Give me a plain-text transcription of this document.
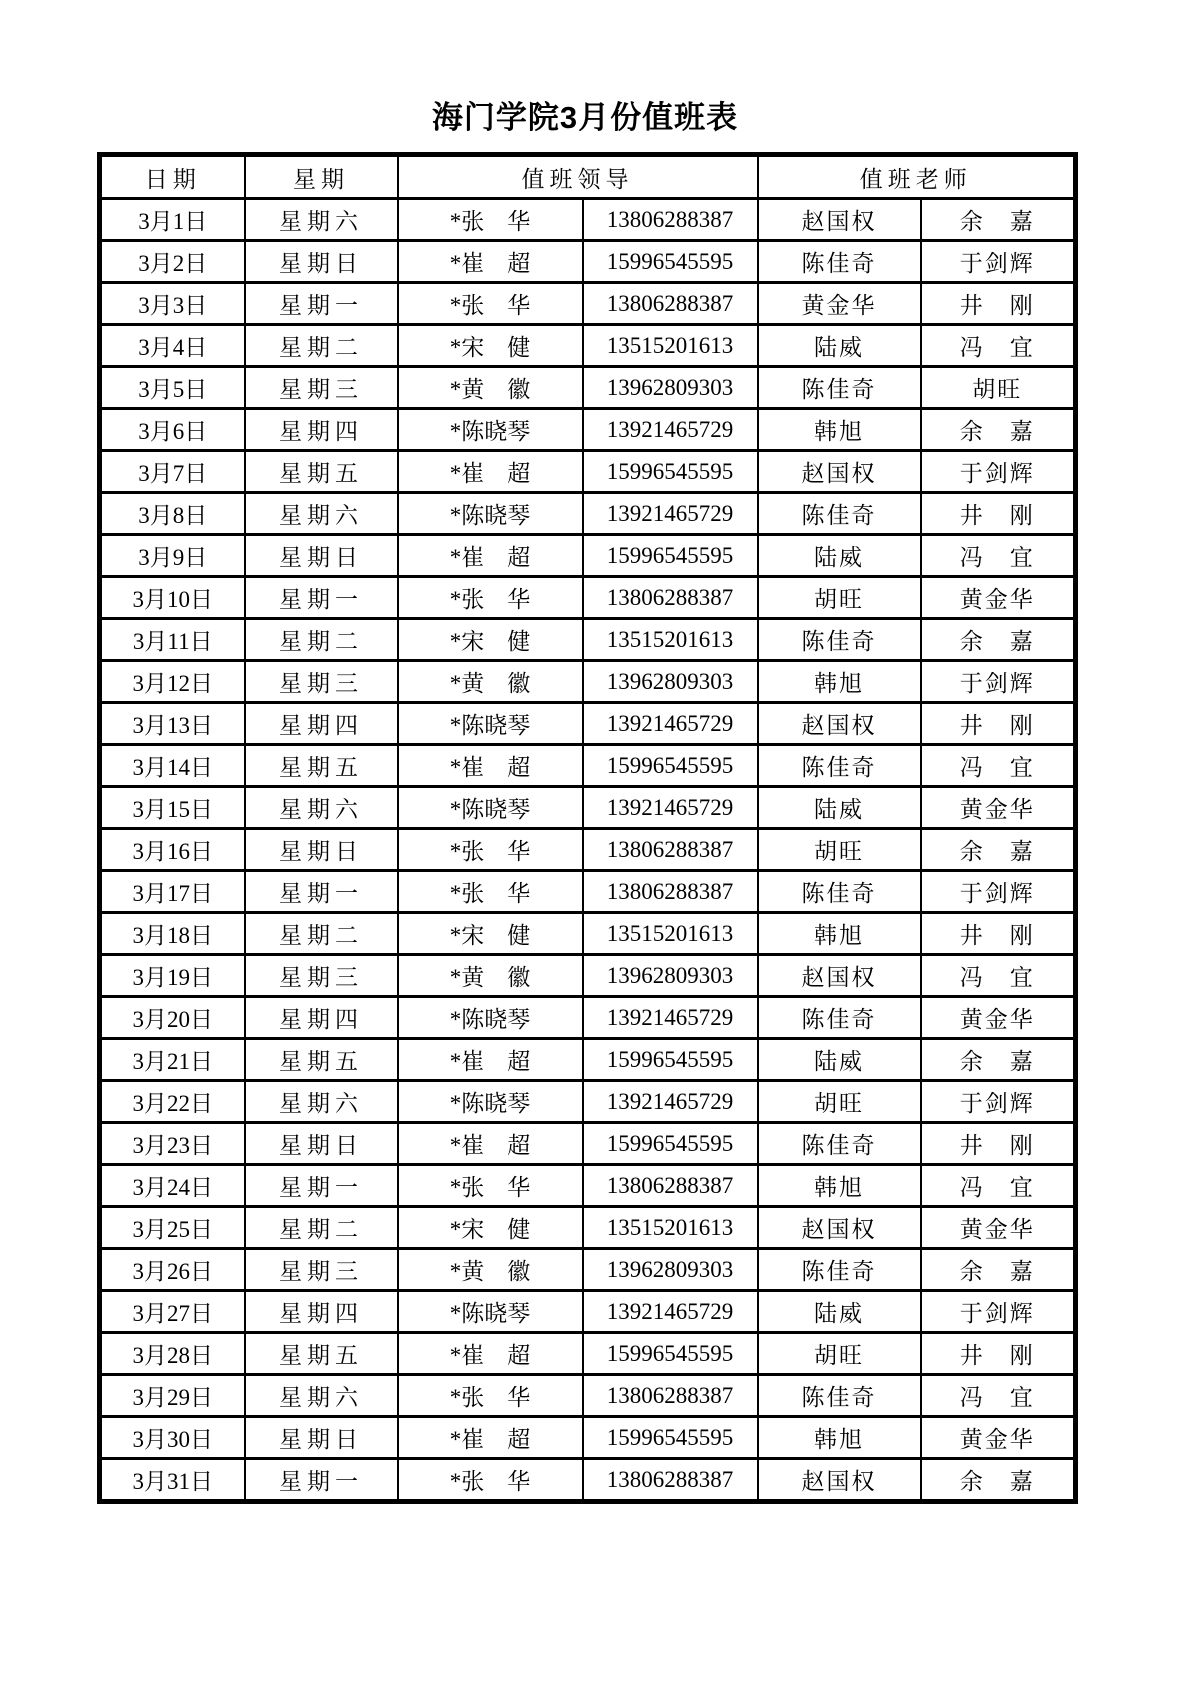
海门学院3月份值班表
日期	星期	值班领导		值班老师	
3月1日	星期六	*张　华	13806288387	赵国权	余　嘉
3月2日	星期日	*崔　超	15996545595	陈佳奇	于剑辉
3月3日	星期一	*张　华	13806288387	黄金华	井　刚
3月4日	星期二	*宋　健	13515201613	陆威	冯　宜
3月5日	星期三	*黄　徽	13962809303	陈佳奇	胡旺
3月6日	星期四	*陈晓琴	13921465729	韩旭	余　嘉
3月7日	星期五	*崔　超	15996545595	赵国权	于剑辉
3月8日	星期六	*陈晓琴	13921465729	陈佳奇	井　刚
3月9日	星期日	*崔　超	15996545595	陆威	冯　宜
3月10日	星期一	*张　华	13806288387	胡旺	黄金华
3月11日	星期二	*宋　健	13515201613	陈佳奇	余　嘉
3月12日	星期三	*黄　徽	13962809303	韩旭	于剑辉
3月13日	星期四	*陈晓琴	13921465729	赵国权	井　刚
3月14日	星期五	*崔　超	15996545595	陈佳奇	冯　宜
3月15日	星期六	*陈晓琴	13921465729	陆威	黄金华
3月16日	星期日	*张　华	13806288387	胡旺	余　嘉
3月17日	星期一	*张　华	13806288387	陈佳奇	于剑辉
3月18日	星期二	*宋　健	13515201613	韩旭	井　刚
3月19日	星期三	*黄　徽	13962809303	赵国权	冯　宜
3月20日	星期四	*陈晓琴	13921465729	陈佳奇	黄金华
3月21日	星期五	*崔　超	15996545595	陆威	余　嘉
3月22日	星期六	*陈晓琴	13921465729	胡旺	于剑辉
3月23日	星期日	*崔　超	15996545595	陈佳奇	井　刚
3月24日	星期一	*张　华	13806288387	韩旭	冯　宜
3月25日	星期二	*宋　健	13515201613	赵国权	黄金华
3月26日	星期三	*黄　徽	13962809303	陈佳奇	余　嘉
3月27日	星期四	*陈晓琴	13921465729	陆威	于剑辉
3月28日	星期五	*崔　超	15996545595	胡旺	井　刚
3月29日	星期六	*张　华	13806288387	陈佳奇	冯　宜
3月30日	星期日	*崔　超	15996545595	韩旭	黄金华
3月31日	星期一	*张　华	13806288387	赵国权	余　嘉
